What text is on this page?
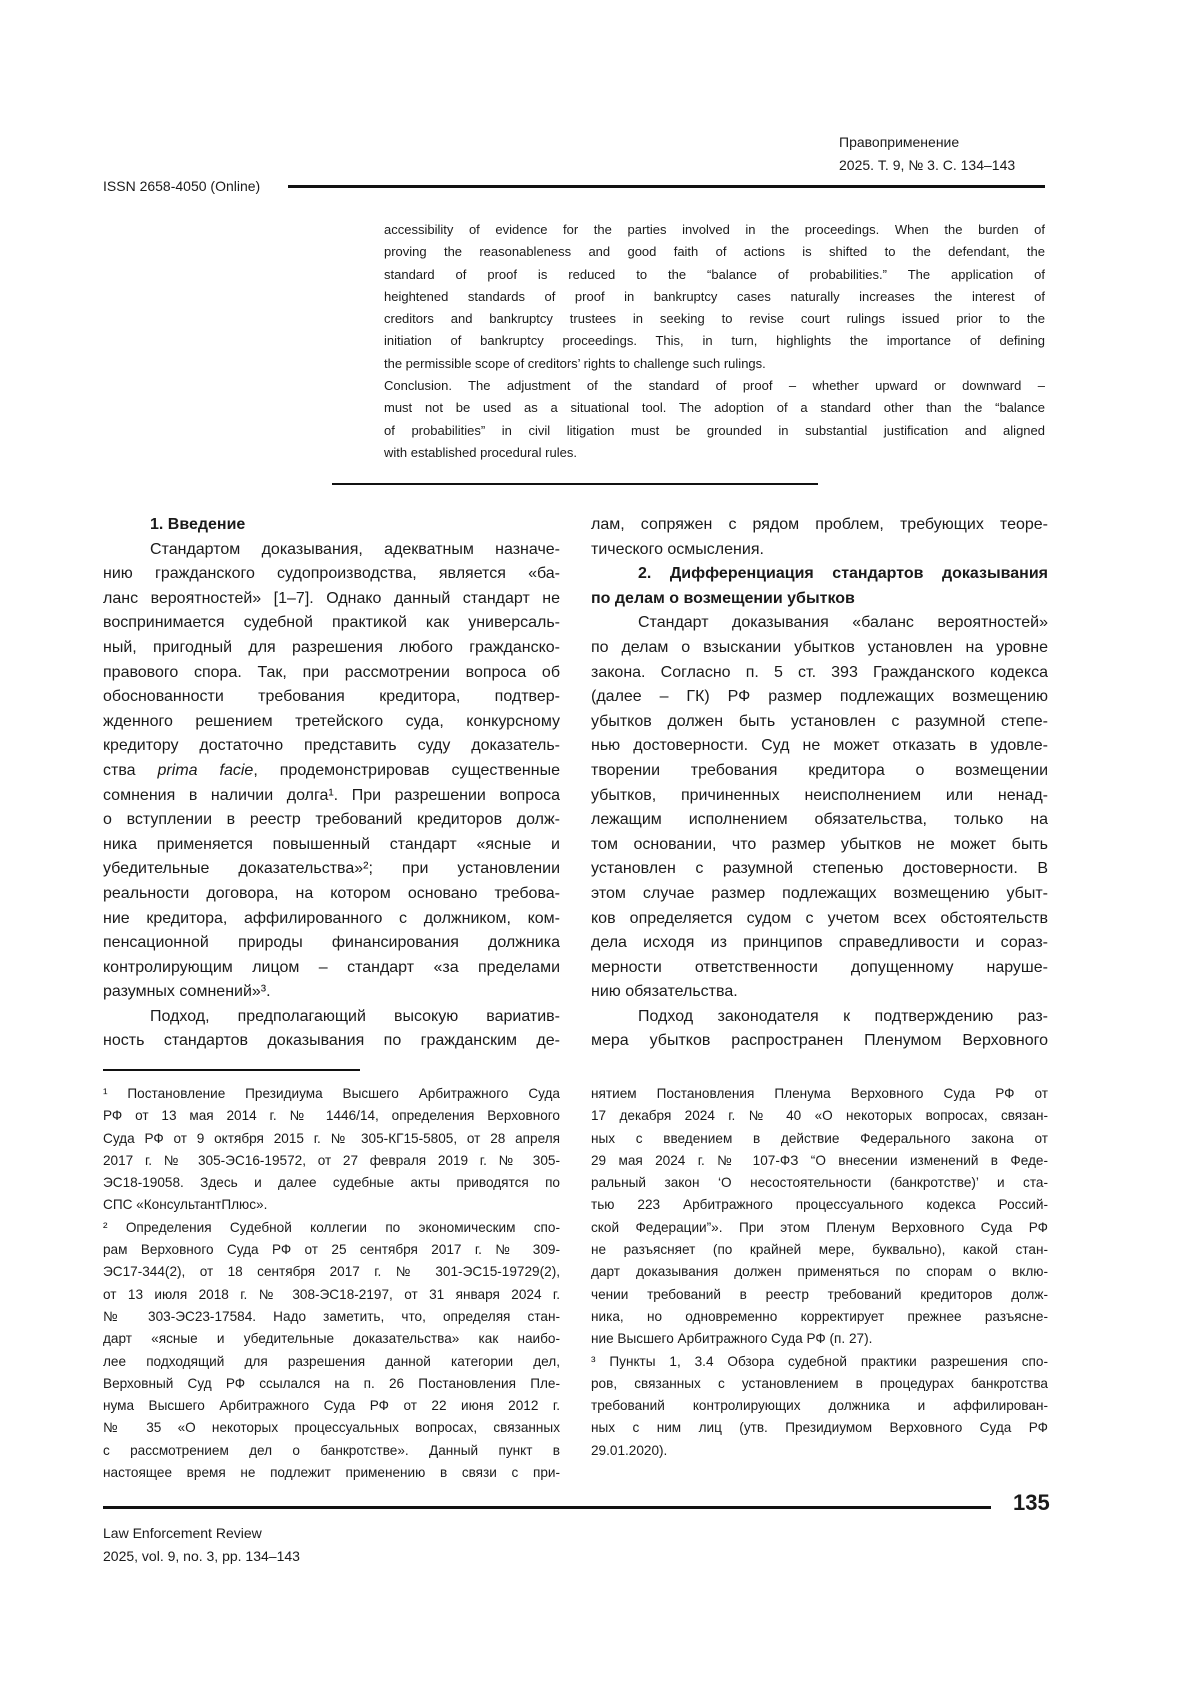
Правоприменение
2025. Т. 9, № 3. С. 134–143
ISSN 2658-4050 (Online)
accessibility of evidence for the parties involved in the proceedings. When the burden of
proving the reasonableness and good faith of actions is shifted to the defendant, the
standard of proof is reduced to the “balance of probabilities.” The application of
heightened standards of proof in bankruptcy cases naturally increases the interest of
creditors and bankruptcy trustees in seeking to revise court rulings issued prior to the
initiation of bankruptcy proceedings. This, in turn, highlights the importance of defining
the permissible scope of creditors’ rights to challenge such rulings.
Conclusion. The adjustment of the standard of proof – whether upward or downward –
must not be used as a situational tool. The adoption of a standard other than the “balance
of probabilities” in civil litigation must be grounded in substantial justification and aligned
with established procedural rules.
1. Введение
Стандартом доказывания, адекватным назначе-
нию гражданского судопроизводства, является «ба-
ланс вероятностей» [1–7]. Однако данный стандарт не
воспринимается судебной практикой как универсаль-
ный, пригодный для разрешения любого гражданско-
правового спора. Так, при рассмотрении вопроса об
обоснованности требования кредитора, подтвер-
жденного решением третейского суда, конкурсному
кредитору достаточно представить суду доказатель-
ства prima facie, продемонстрировав существенные
сомнения в наличии долга¹. При разрешении вопроса
о вступлении в реестр требований кредиторов долж-
ника применяется повышенный стандарт «ясные и
убедительные доказательства»²; при установлении
реальности договора, на котором основано требова-
ние кредитора, аффилированного с должником, ком-
пенсационной природы финансирования должника
контролирующим лицом – стандарт «за пределами
разумных сомнений»³.
Подход, предполагающий высокую вариатив-
ность стандартов доказывания по гражданским де-
лам, сопряжен с рядом проблем, требующих теоре-
тического осмысления.
2. Дифференциация стандартов доказывания
по делам о возмещении убытков
Стандарт доказывания «баланс вероятностей»
по делам о взыскании убытков установлен на уровне
закона. Согласно п. 5 ст. 393 Гражданского кодекса
(далее – ГК) РФ размер подлежащих возмещению
убытков должен быть установлен с разумной степе-
нью достоверности. Суд не может отказать в удовле-
творении требования кредитора о возмещении
убытков, причиненных неисполнением или ненад-
лежащим исполнением обязательства, только на
том основании, что размер убытков не может быть
установлен с разумной степенью достоверности. В
этом случае размер подлежащих возмещению убыт-
ков определяется судом с учетом всех обстоятельств
дела исходя из принципов справедливости и сораз-
мерности ответственности допущенному наруше-
нию обязательства.
Подход законодателя к подтверждению раз-
мера убытков распространен Пленумом Верховного
¹ Постановление Президиума Высшего Арбитражного Суда
РФ от 13 мая 2014 г. № 1446/14, определения Верховного
Суда РФ от 9 октября 2015 г. № 305-КГ15-5805, от 28 апреля
2017 г. № 305-ЭС16-19572, от 27 февраля 2019 г. № 305-
ЭС18-19058. Здесь и далее судебные акты приводятся по
СПС «КонсультантПлюс».
² Определения Судебной коллегии по экономическим спо-
рам Верховного Суда РФ от 25 сентября 2017 г. № 309-
ЭС17-344(2), от 18 сентября 2017 г. № 301-ЭС15-19729(2),
от 13 июля 2018 г. № 308-ЭС18-2197, от 31 января 2024 г.
№ 303-ЭС23-17584. Надо заметить, что, определяя стан-
дарт «ясные и убедительные доказательства» как наибо-
лее подходящий для разрешения данной категории дел,
Верховный Суд РФ ссылался на п. 26 Постановления Пле-
нума Высшего Арбитражного Суда РФ от 22 июня 2012 г.
№ 35 «О некоторых процессуальных вопросах, связанных
с рассмотрением дел о банкротстве». Данный пункт в
настоящее время не подлежит применению в связи с при-
нятием Постановления Пленума Верховного Суда РФ от
17 декабря 2024 г. № 40 «О некоторых вопросах, связан-
ных с введением в действие Федерального закона от
29 мая 2024 г. № 107-ФЗ “О внесении изменений в Феде-
ральный закон ‘О несостоятельности (банкротстве)’ и ста-
тью 223 Арбитражного процессуального кодекса Россий-
ской Федерации”». При этом Пленум Верховного Суда РФ
не разъясняет (по крайней мере, буквально), какой стан-
дарт доказывания должен применяться по спорам о вклю-
чении требований в реестр требований кредиторов долж-
ника, но одновременно корректирует прежнее разъясне-
ние Высшего Арбитражного Суда РФ (п. 27).
³ Пункты 1, 3.4 Обзора судебной практики разрешения спо-
ров, связанных с установлением в процедурах банкротства
требований контролирующих должника и аффилирован-
ных с ним лиц (утв. Президиумом Верховного Суда РФ
29.01.2020).
135
Law Enforcement Review
2025, vol. 9, no. 3, pp. 134–143
